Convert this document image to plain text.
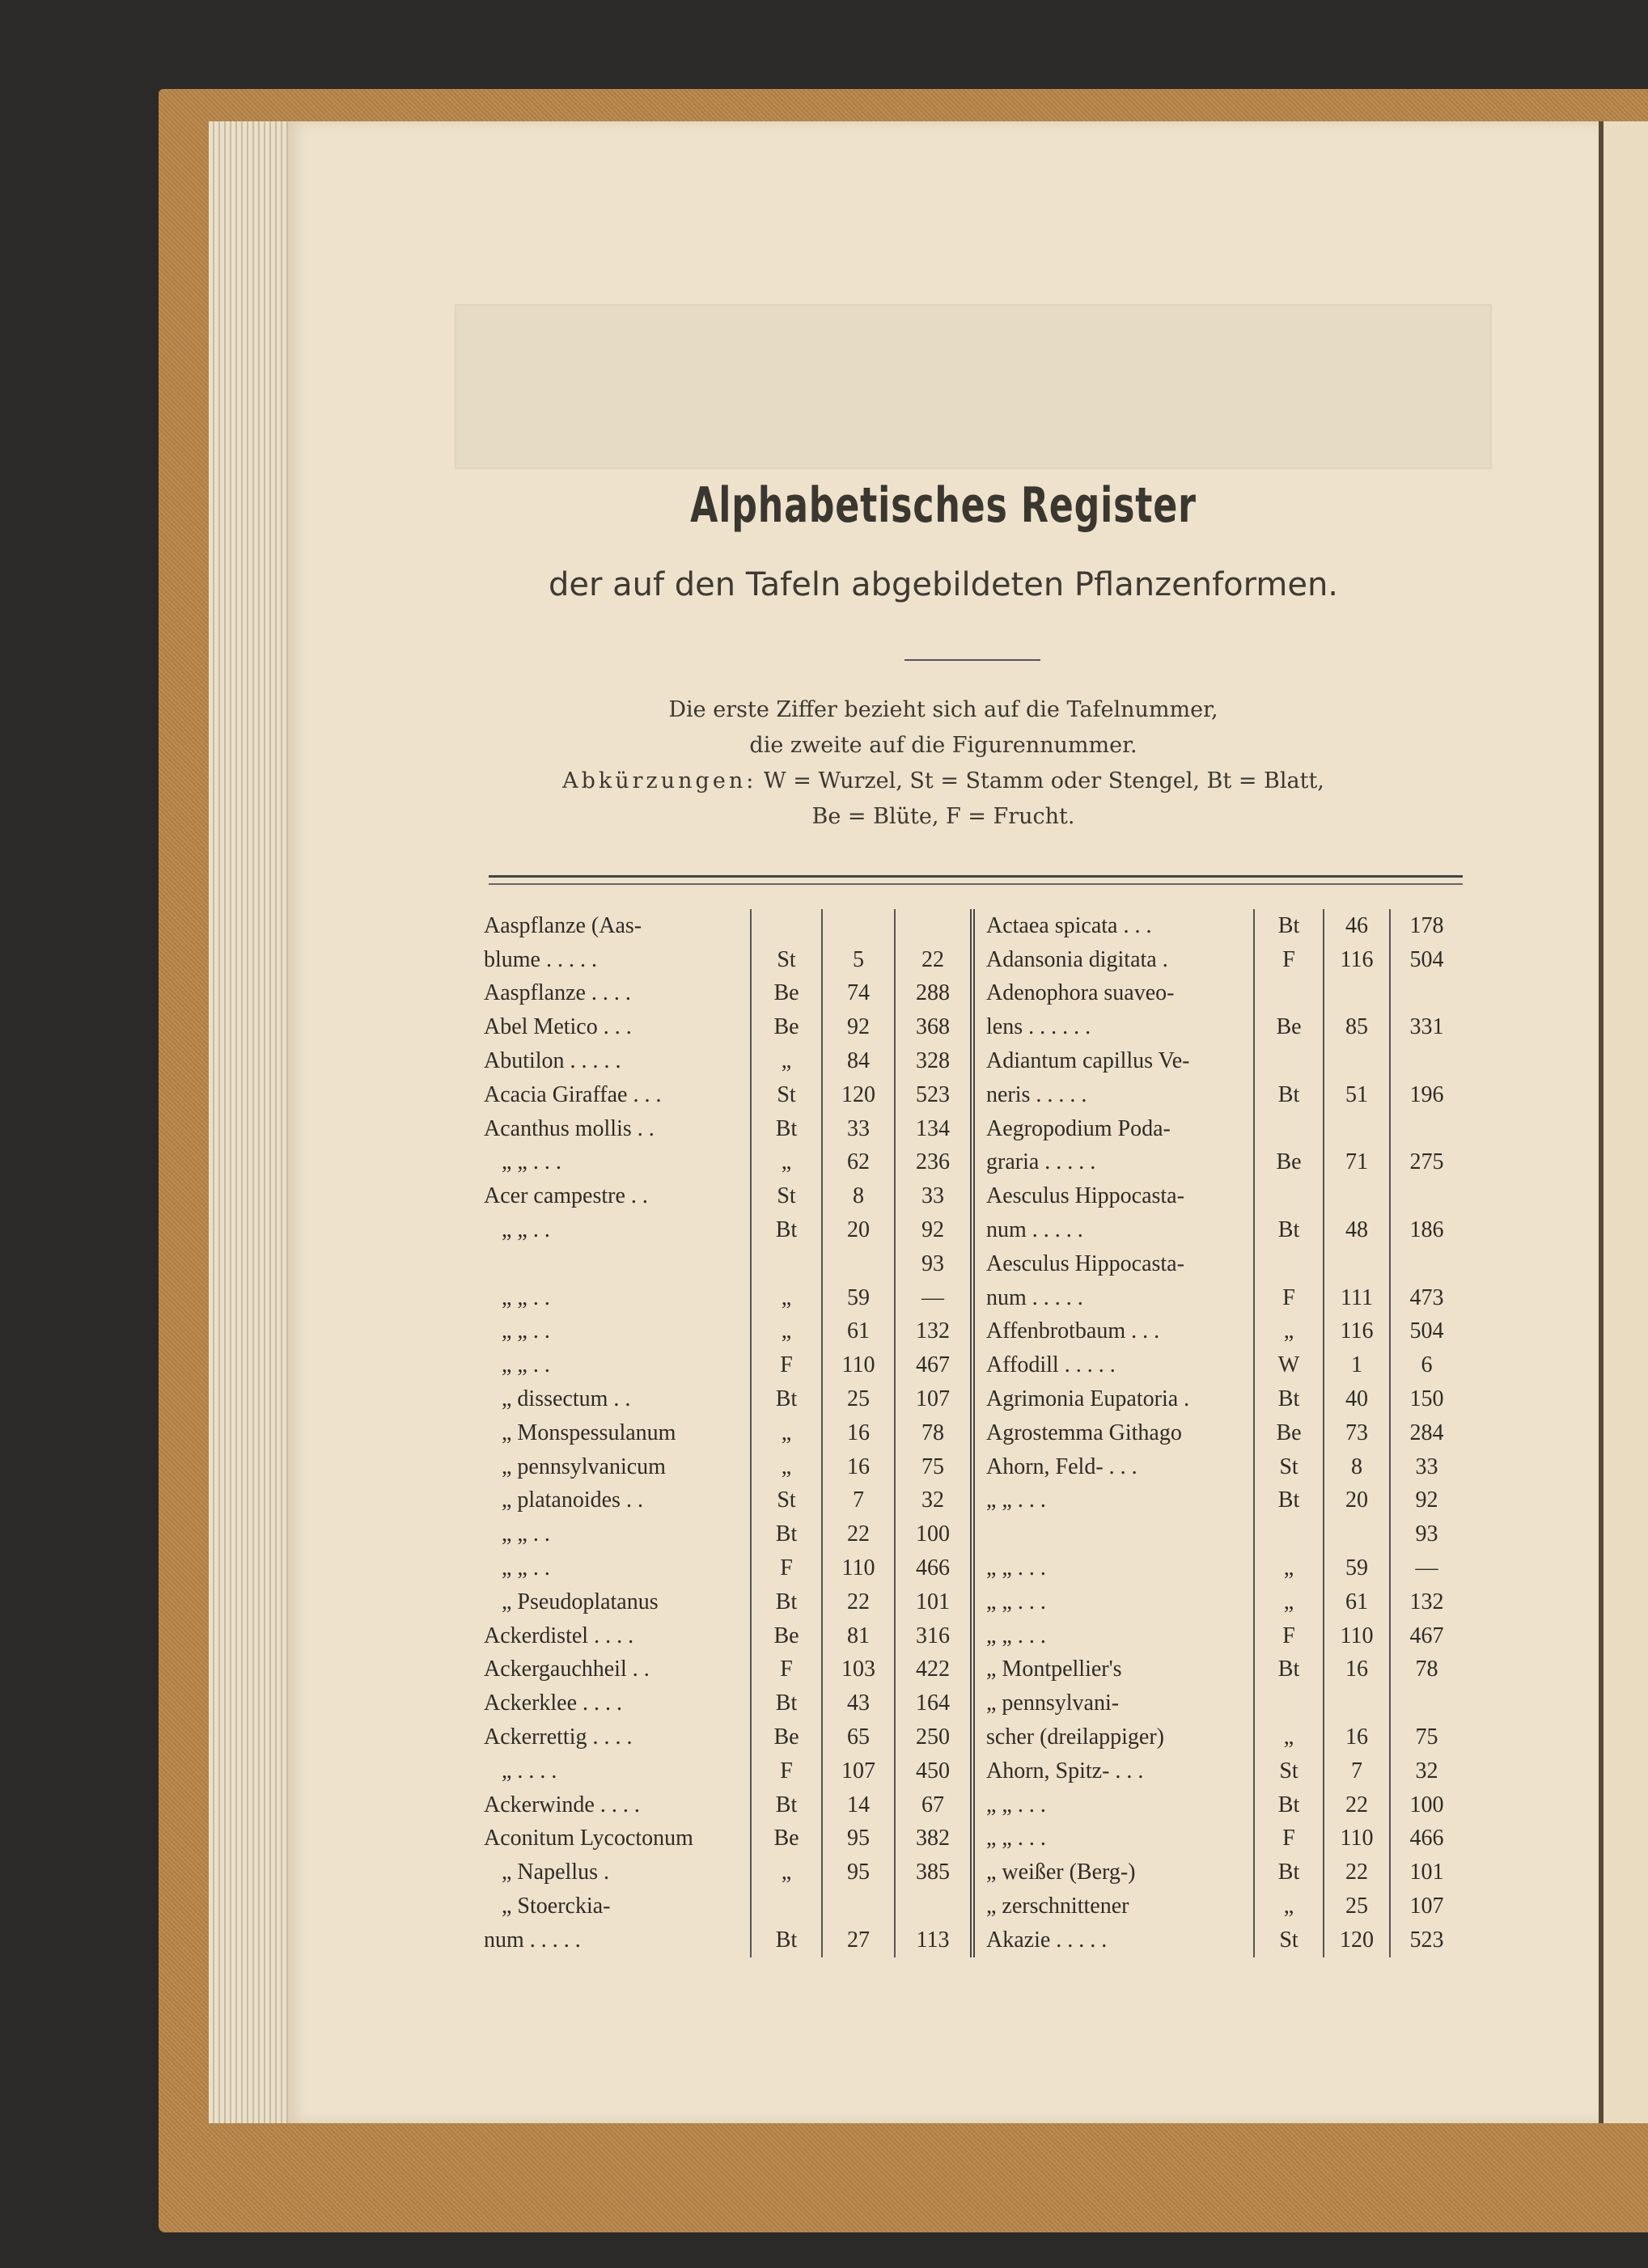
Alphabetisches Register
der auf den Tafeln abgebildeten Pflanzenformen.
Die erste Ziffer bezieht sich auf die Tafelnummer,
die zweite auf die Figurennummer.
Abkürzungen: W = Wurzel, St = Stamm oder Stengel, Bt = Blatt,
Be = Blüte, F = Frucht.
Aaspflanze (Aas-				Actaea spicata . . .	Bt	46	178
blume . . . . .	St	5	22	Adansonia digitata .	F	116	504
Aaspflanze . . . .	Be	74	288	Adenophora suaveo-			
Abel Metico . . .	Be	92	368	lens . . . . . .	Be	85	331
Abutilon . . . . .	„	84	328	Adiantum capillus Ve-			
Acacia Giraffae . . .	St	120	523	neris . . . . .	Bt	51	196
Acanthus mollis . .	Bt	33	134	Aegropodium Poda-			
„ „ . . .	„	62	236	graria . . . . .	Be	71	275
Acer campestre . .	St	8	33	Aesculus Hippocasta-			
„ „ . .	Bt	20	92	num . . . . .	Bt	48	186
			93	Aesculus Hippocasta-			
„ „ . .	„	59	—	num . . . . .	F	111	473
„ „ . .	„	61	132	Affenbrotbaum . . .	„	116	504
„ „ . .	F	110	467	Affodill . . . . .	W	1	6
„ dissectum . .	Bt	25	107	Agrimonia Eupatoria .	Bt	40	150
„ Monspessulanum	„	16	78	Agrostemma Githago	Be	73	284
„ pennsylvanicum	„	16	75	Ahorn, Feld- . . .	St	8	33
„ platanoides . .	St	7	32	„ „ . . .	Bt	20	92
„ „ . .	Bt	22	100				93
„ „ . .	F	110	466	„ „ . . .	„	59	—
„ Pseudoplatanus	Bt	22	101	„ „ . . .	„	61	132
Ackerdistel . . . .	Be	81	316	„ „ . . .	F	110	467
Ackergauchheil . .	F	103	422	„ Montpellier's	Bt	16	78
Ackerklee . . . .	Bt	43	164	„ pennsylvani-			
Ackerrettig . . . .	Be	65	250	scher (dreilappiger)	„	16	75
„ . . . .	F	107	450	Ahorn, Spitz- . . .	St	7	32
Ackerwinde . . . .	Bt	14	67	„ „ . . .	Bt	22	100
Aconitum Lycoctonum	Be	95	382	„ „ . . .	F	110	466
„ Napellus .	„	95	385	„ weißer (Berg-)	Bt	22	101
„ Stoerckia-				„ zerschnittener	„	25	107
num . . . . .	Bt	27	113	Akazie . . . . .	St	120	523
